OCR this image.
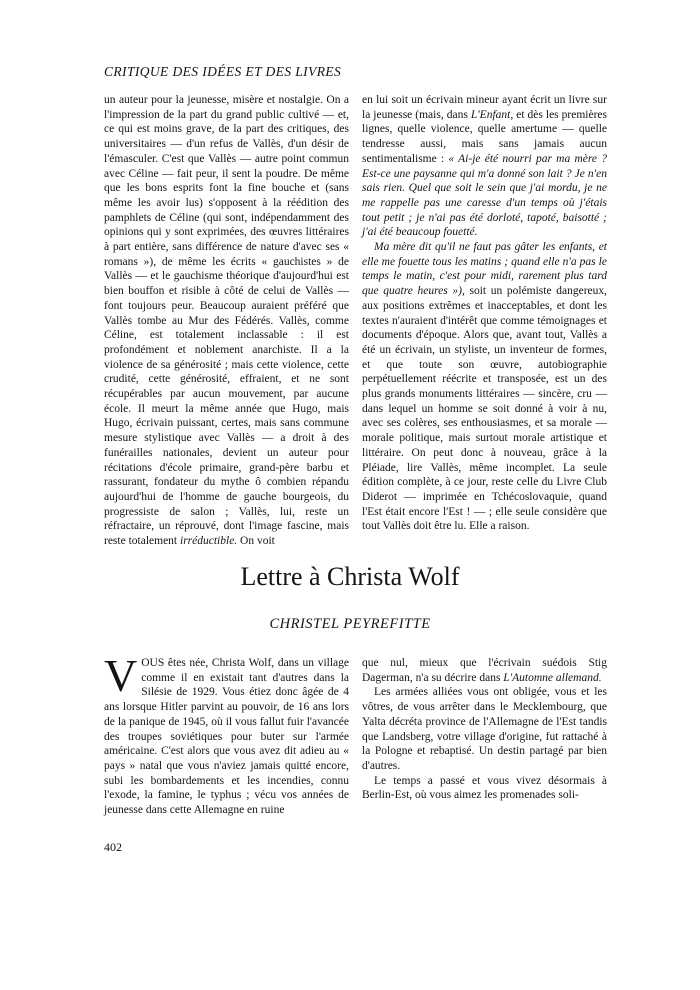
CRITIQUE DES IDÉES ET DES LIVRES

un auteur pour la jeunesse, misère et nostalgie. On a l'impression de la part du grand public cultivé — et, ce qui est moins grave, de la part des critiques, des universitaires — d'un refus de Vallès, d'un désir de l'émasculer. C'est que Vallès — autre point commun avec Céline — fait peur, il sent la poudre. De même que les bons esprits font la fine bouche et (sans même les avoir lus) s'opposent à la réédition des pamphlets de Céline (qui sont, indépendamment des opinions qui y sont exprimées, des œuvres littéraires à part entière, sans différence de nature d'avec ses « romans »), de même les écrits « gauchistes » de Vallès — et le gauchisme théorique d'aujourd'hui est bien bouffon et risible à côté de celui de Vallès — font toujours peur. Beaucoup auraient préféré que Vallès tombe au Mur des Fédérés. Vallès, comme Céline, est totalement inclassable : il est profondément et noblement anarchiste. Il a la violence de sa générosité ; mais cette violence, cette crudité, cette générosité, effraient, et ne sont récupérables par aucun mouvement, par aucune école. Il meurt la même année que Hugo, mais Hugo, écrivain puissant, certes, mais sans commune mesure stylistique avec Vallès — a droit à des funérailles nationales, devient un auteur pour récitations d'école primaire, grand-père barbu et rassurant, fondateur du mythe ô combien répandu aujourd'hui de l'homme de gauche bourgeois, du progressiste de salon ; Vallès, lui, reste un réfractaire, un réprouvé, dont l'image fascine, mais reste totalement irréductible. On voit

en lui soit un écrivain mineur ayant écrit un livre sur la jeunesse (mais, dans L'Enfant, et dès les premières lignes, quelle violence, quelle amertume — quelle tendresse aussi, mais sans jamais aucun sentimentalisme : « Ai-je été nourri par ma mère ? Est-ce une paysanne qui m'a donné son lait ? Je n'en sais rien. Quel que soit le sein que j'ai mordu, je ne me rappelle pas une caresse d'un temps où j'étais tout petit ; je n'ai pas été dorloté, tapoté, baisotté ; j'ai été beaucoup fouetté.

Ma mère dit qu'il ne faut pas gâter les enfants, et elle me fouette tous les matins ; quand elle n'a pas le temps le matin, c'est pour midi, rarement plus tard que quatre heures »), soit un polémiste dangereux, aux positions extrêmes et inacceptables, et dont les textes n'auraient d'intérêt que comme témoignages et documents d'époque. Alors que, avant tout, Vallès a été un écrivain, un styliste, un inventeur de formes, et que toute son œuvre, autobiographie perpétuellement réécrite et transposée, est un des plus grands monuments littéraires — sincère, cru — dans lequel un homme se soit donné à voir à nu, avec ses colères, ses enthousiasmes, et sa morale — morale politique, mais surtout morale artistique et littéraire. On peut donc à nouveau, grâce à la Pléiade, lire Vallès, même incomplet. La seule édition complète, à ce jour, reste celle du Livre Club Diderot — imprimée en Tchécoslovaquie, quand l'Est était encore l'Est ! — ; elle seule considère que tout Vallès doit être lu. Elle a raison.

Lettre à Christa Wolf
CHRISTEL PEYREFITTE

VOUS êtes née, Christa Wolf, dans un village comme il en existait tant d'autres dans la Silésie de 1929. Vous étiez donc âgée de 4 ans lorsque Hitler parvint au pouvoir, de 16 ans lors de la panique de 1945, où il vous fallut fuir l'avancée des troupes soviétiques pour buter sur l'armée américaine. C'est alors que vous avez dit adieu au « pays » natal que vous n'aviez jamais quitté encore, subi les bombardements et les incendies, connu l'exode, la famine, le typhus ; vécu vos années de jeunesse dans cette Allemagne en ruine

que nul, mieux que l'écrivain suédois Stig Dagerman, n'a su décrire dans L'Automne allemand.

Les armées alliées vous ont obligée, vous et les vôtres, de vous arrêter dans le Mecklembourg, que Yalta décréta province de l'Allemagne de l'Est tandis que Landsberg, votre village d'origine, fut rattaché à la Pologne et rebaptisé. Un destin partagé par bien d'autres.

Le temps a passé et vous vivez désormais à Berlin-Est, où vous aimez les promenades soli-

402
